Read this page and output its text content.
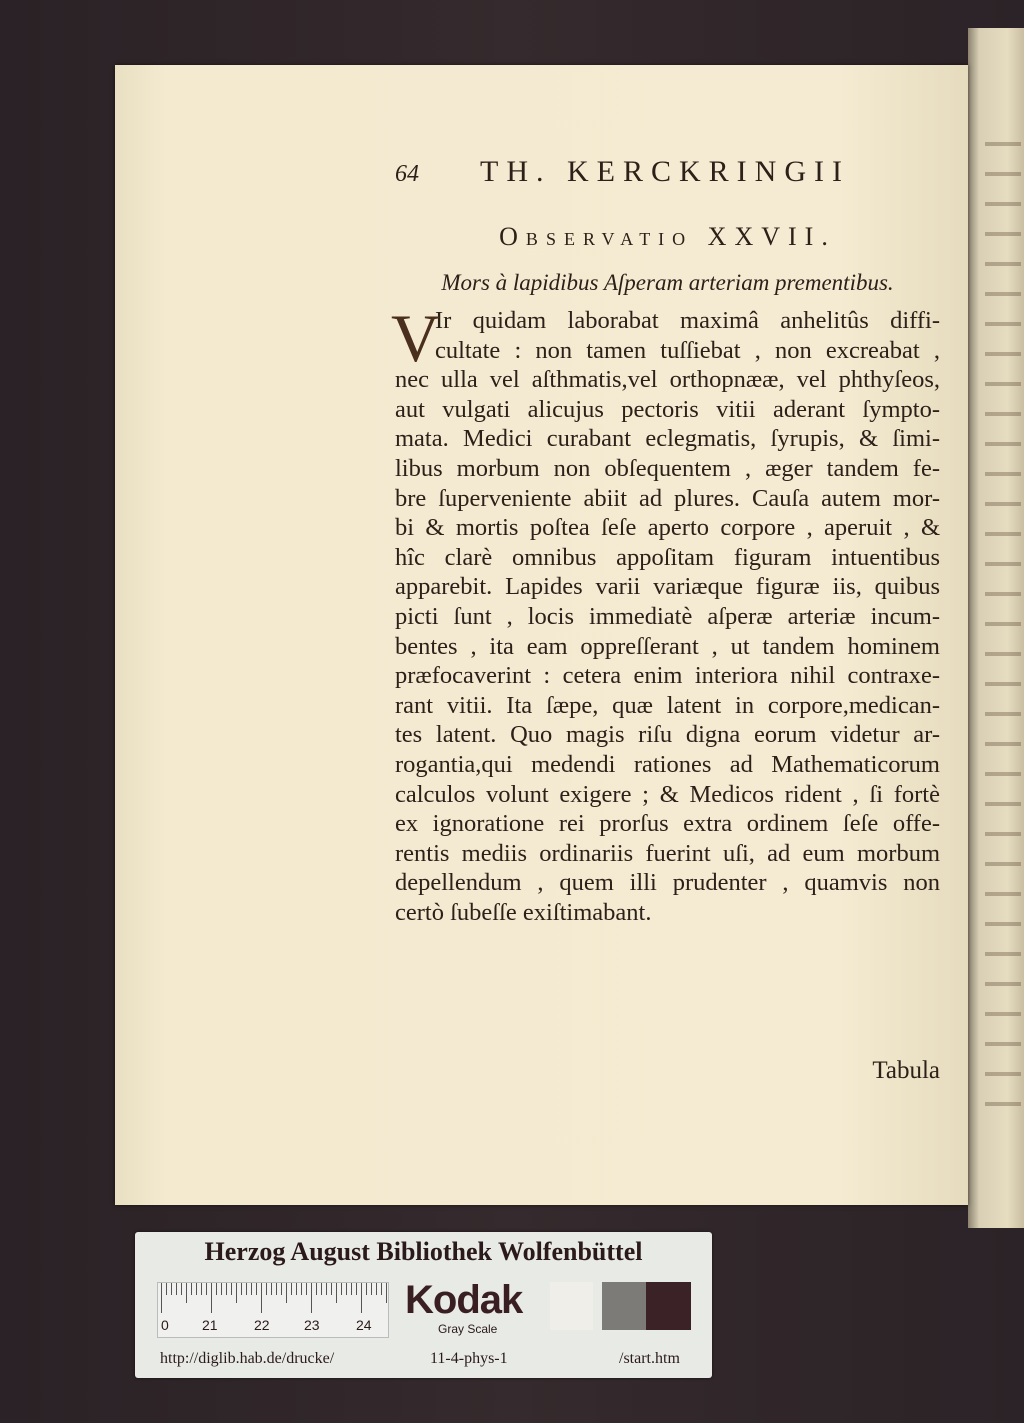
64 TH. KERCKRINGII
Observatio XXVII.
Mors à lapidibus Aſperam arteriam prementibus.
V
Ir quidam laborabat maximâ anhelitûs diffi-
cultate : non tamen tuſſiebat , non excreabat ,
nec ulla vel aſthmatis,vel orthopnææ, vel phthyſeos,
aut vulgati alicujus pectoris vitii aderant ſympto-
mata. Medici curabant eclegmatis, ſyrupis, & ſimi-
libus morbum non obſequentem , æger tandem fe-
bre ſuperveniente abiit ad plures. Cauſa autem mor-
bi & mortis poſtea ſeſe aperto corpore , aperuit , &
hîc clarè omnibus appoſitam figuram intuentibus
apparebit. Lapides varii variæque figuræ iis, quibus
picti ſunt , locis immediatè aſperæ arteriæ incum-
bentes , ita eam oppreſſerant , ut tandem hominem
præfocaverint : cetera enim interiora nihil contraxe-
rant vitii. Ita ſæpe, quæ latent in corpore,medican-
tes latent. Quo magis riſu digna eorum videtur ar-
rogantia,qui medendi rationes ad Mathematicorum
calculos volunt exigere ; & Medicos rident , ſi fortè
ex ignoratione rei prorſus extra ordinem ſeſe offe-
rentis mediis ordinariis fuerint uſi, ad eum morbum
depellendum , quem illi prudenter , quamvis non
certò ſubeſſe exiſtimabant.
Tabula
Herzog August Bibliothek Wolfenbüttel
0 21	22 23	24
Kodak
Gray Scale
http://diglib.hab.de/drucke/	11-4-phys-1	/start.htm
